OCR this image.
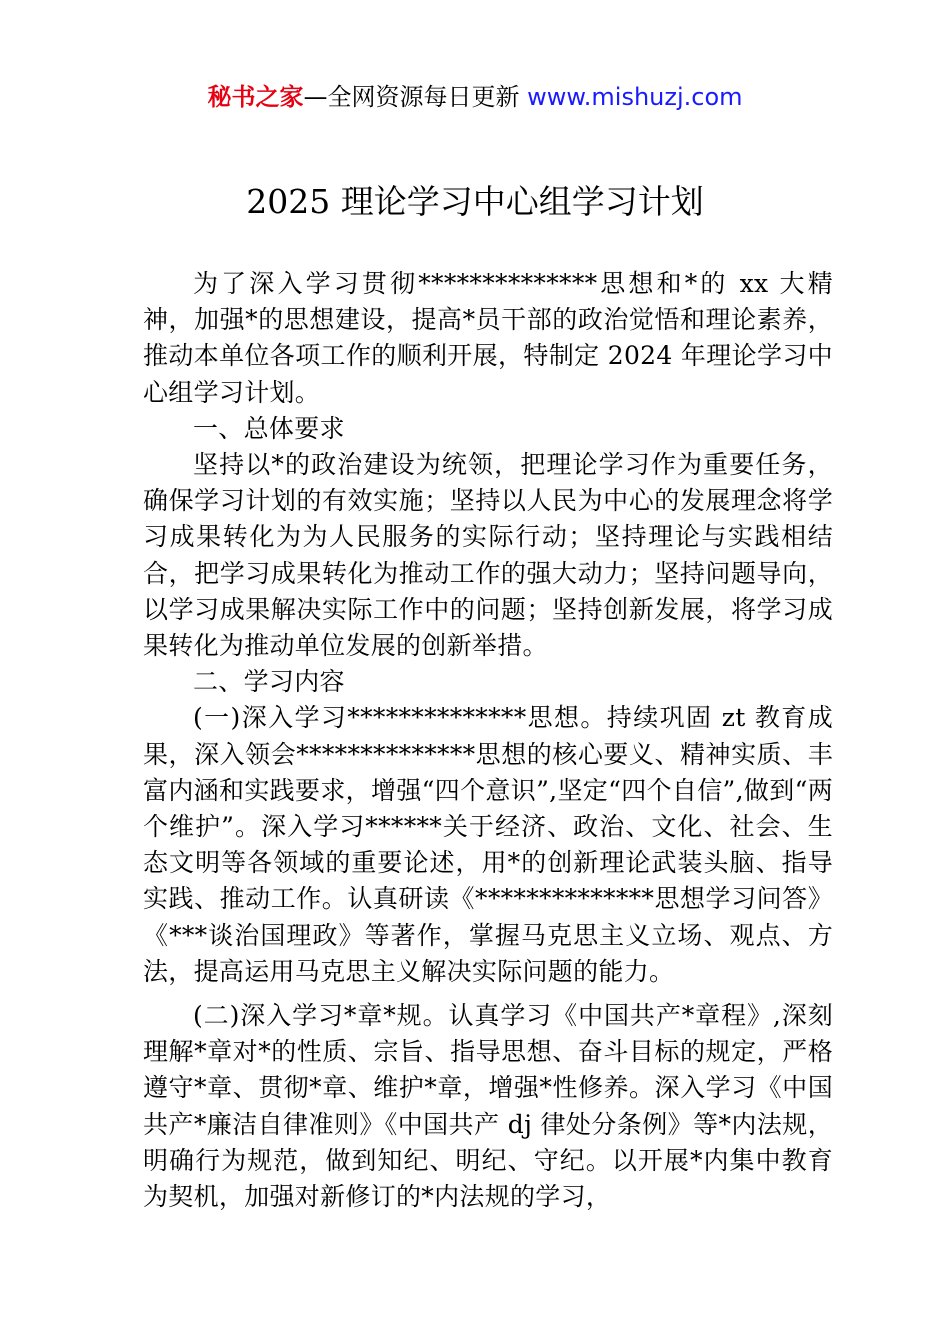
秘书之家—全网资源每日更新 www.mishuzj.com
2025 理论学习中心组学习计划

为了深入学习贯彻**************思想和*的 xx 大精神，加强*的思想建设，提高*员干部的政治觉悟和理论素养，推动本单位各项工作的顺利开展，特制定 2024 年理论学习中心组学习计划。

一、总体要求

坚持以*的政治建设为统领，把理论学习作为重要任务，确保学习计划的有效实施；坚持以人民为中心的发展理念将学习成果转化为为人民服务的实际行动；坚持理论与实践相结合，把学习成果转化为推动工作的强大动力；坚持问题导向，以学习成果解决实际工作中的问题；坚持创新发展，将学习成果转化为推动单位发展的创新举措。

二、学习内容

(一)深入学习**************思想。持续巩固 zt 教育成果，深入领会**************思想的核心要义、精神实质、丰富内涵和实践要求，增强“四个意识”,坚定“四个自信”,做到“两个维护”。深入学习******关于经济、政治、文化、社会、生态文明等各领域的重要论述，用*的创新理论武装头脑、指导实践、推动工作。认真研读《**************思想学习问答》《***谈治国理政》等著作，掌握马克思主义立场、观点、方法，提高运用马克思主义解决实际问题的能力。

(二)深入学习*章*规。认真学习《中国共产*章程》,深刻理解*章对*的性质、宗旨、指导思想、奋斗目标的规定，严格遵守*章、贯彻*章、维护*章，增强*性修养。深入学习《中国共产*廉洁自律准则》《中国共产 dj 律处分条例》等*内法规，明确行为规范，做到知纪、明纪、守纪。以开展*内集中教育为契机，加强对新修订的*内法规的学习，
